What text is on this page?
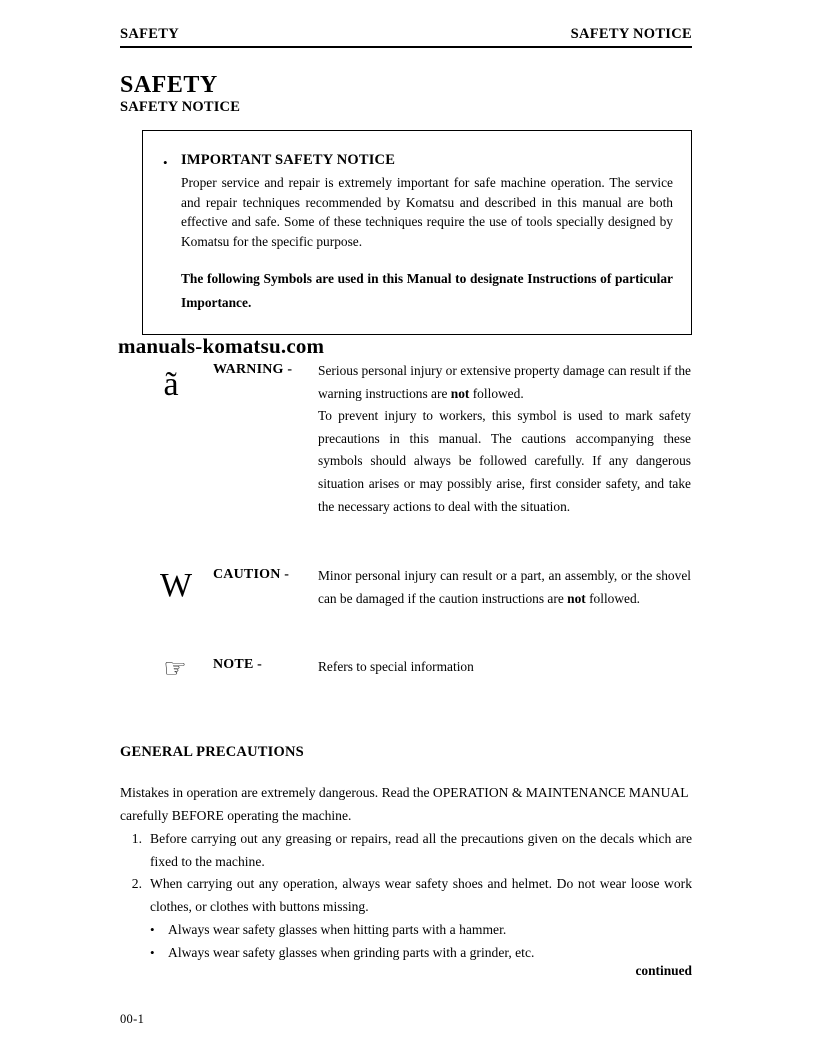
SAFETY	SAFETY NOTICE
SAFETY
SAFETY NOTICE
• IMPORTANT SAFETY NOTICE
Proper service and repair is extremely important for safe machine operation. The service and repair techniques recommended by Komatsu and described in this manual are both effective and safe. Some of these techniques require the use of tools specially designed by Komatsu for the specific purpose.
The following Symbols are used in this Manual to designate Instructions of particular Importance.
manuals-komatsu.com
ã	WARNING - Serious personal injury or extensive property damage can result if the warning instructions are not followed.
To prevent injury to workers, this symbol is used to mark safety precautions in this manual. The cautions accompanying these symbols should always be followed carefully. If any dangerous situation arises or may possibly arise, first consider safety, and take the necessary actions to deal with the situation.
W	CAUTION - Minor personal injury can result or a part, an assembly, or the shovel can be damaged if the caution instructions are not followed.
☞	NOTE -	Refers to special information
GENERAL PRECAUTIONS
Mistakes in operation are extremely dangerous. Read the OPERATION & MAINTENANCE MANUAL carefully BEFORE operating the machine.
1. Before carrying out any greasing or repairs, read all the precautions given on the decals which are fixed to the machine.
2. When carrying out any operation, always wear safety shoes and helmet. Do not wear loose work clothes, or clothes with buttons missing.
• Always wear safety glasses when hitting parts with a hammer.
• Always wear safety glasses when grinding parts with a grinder, etc.
continued
00-1
